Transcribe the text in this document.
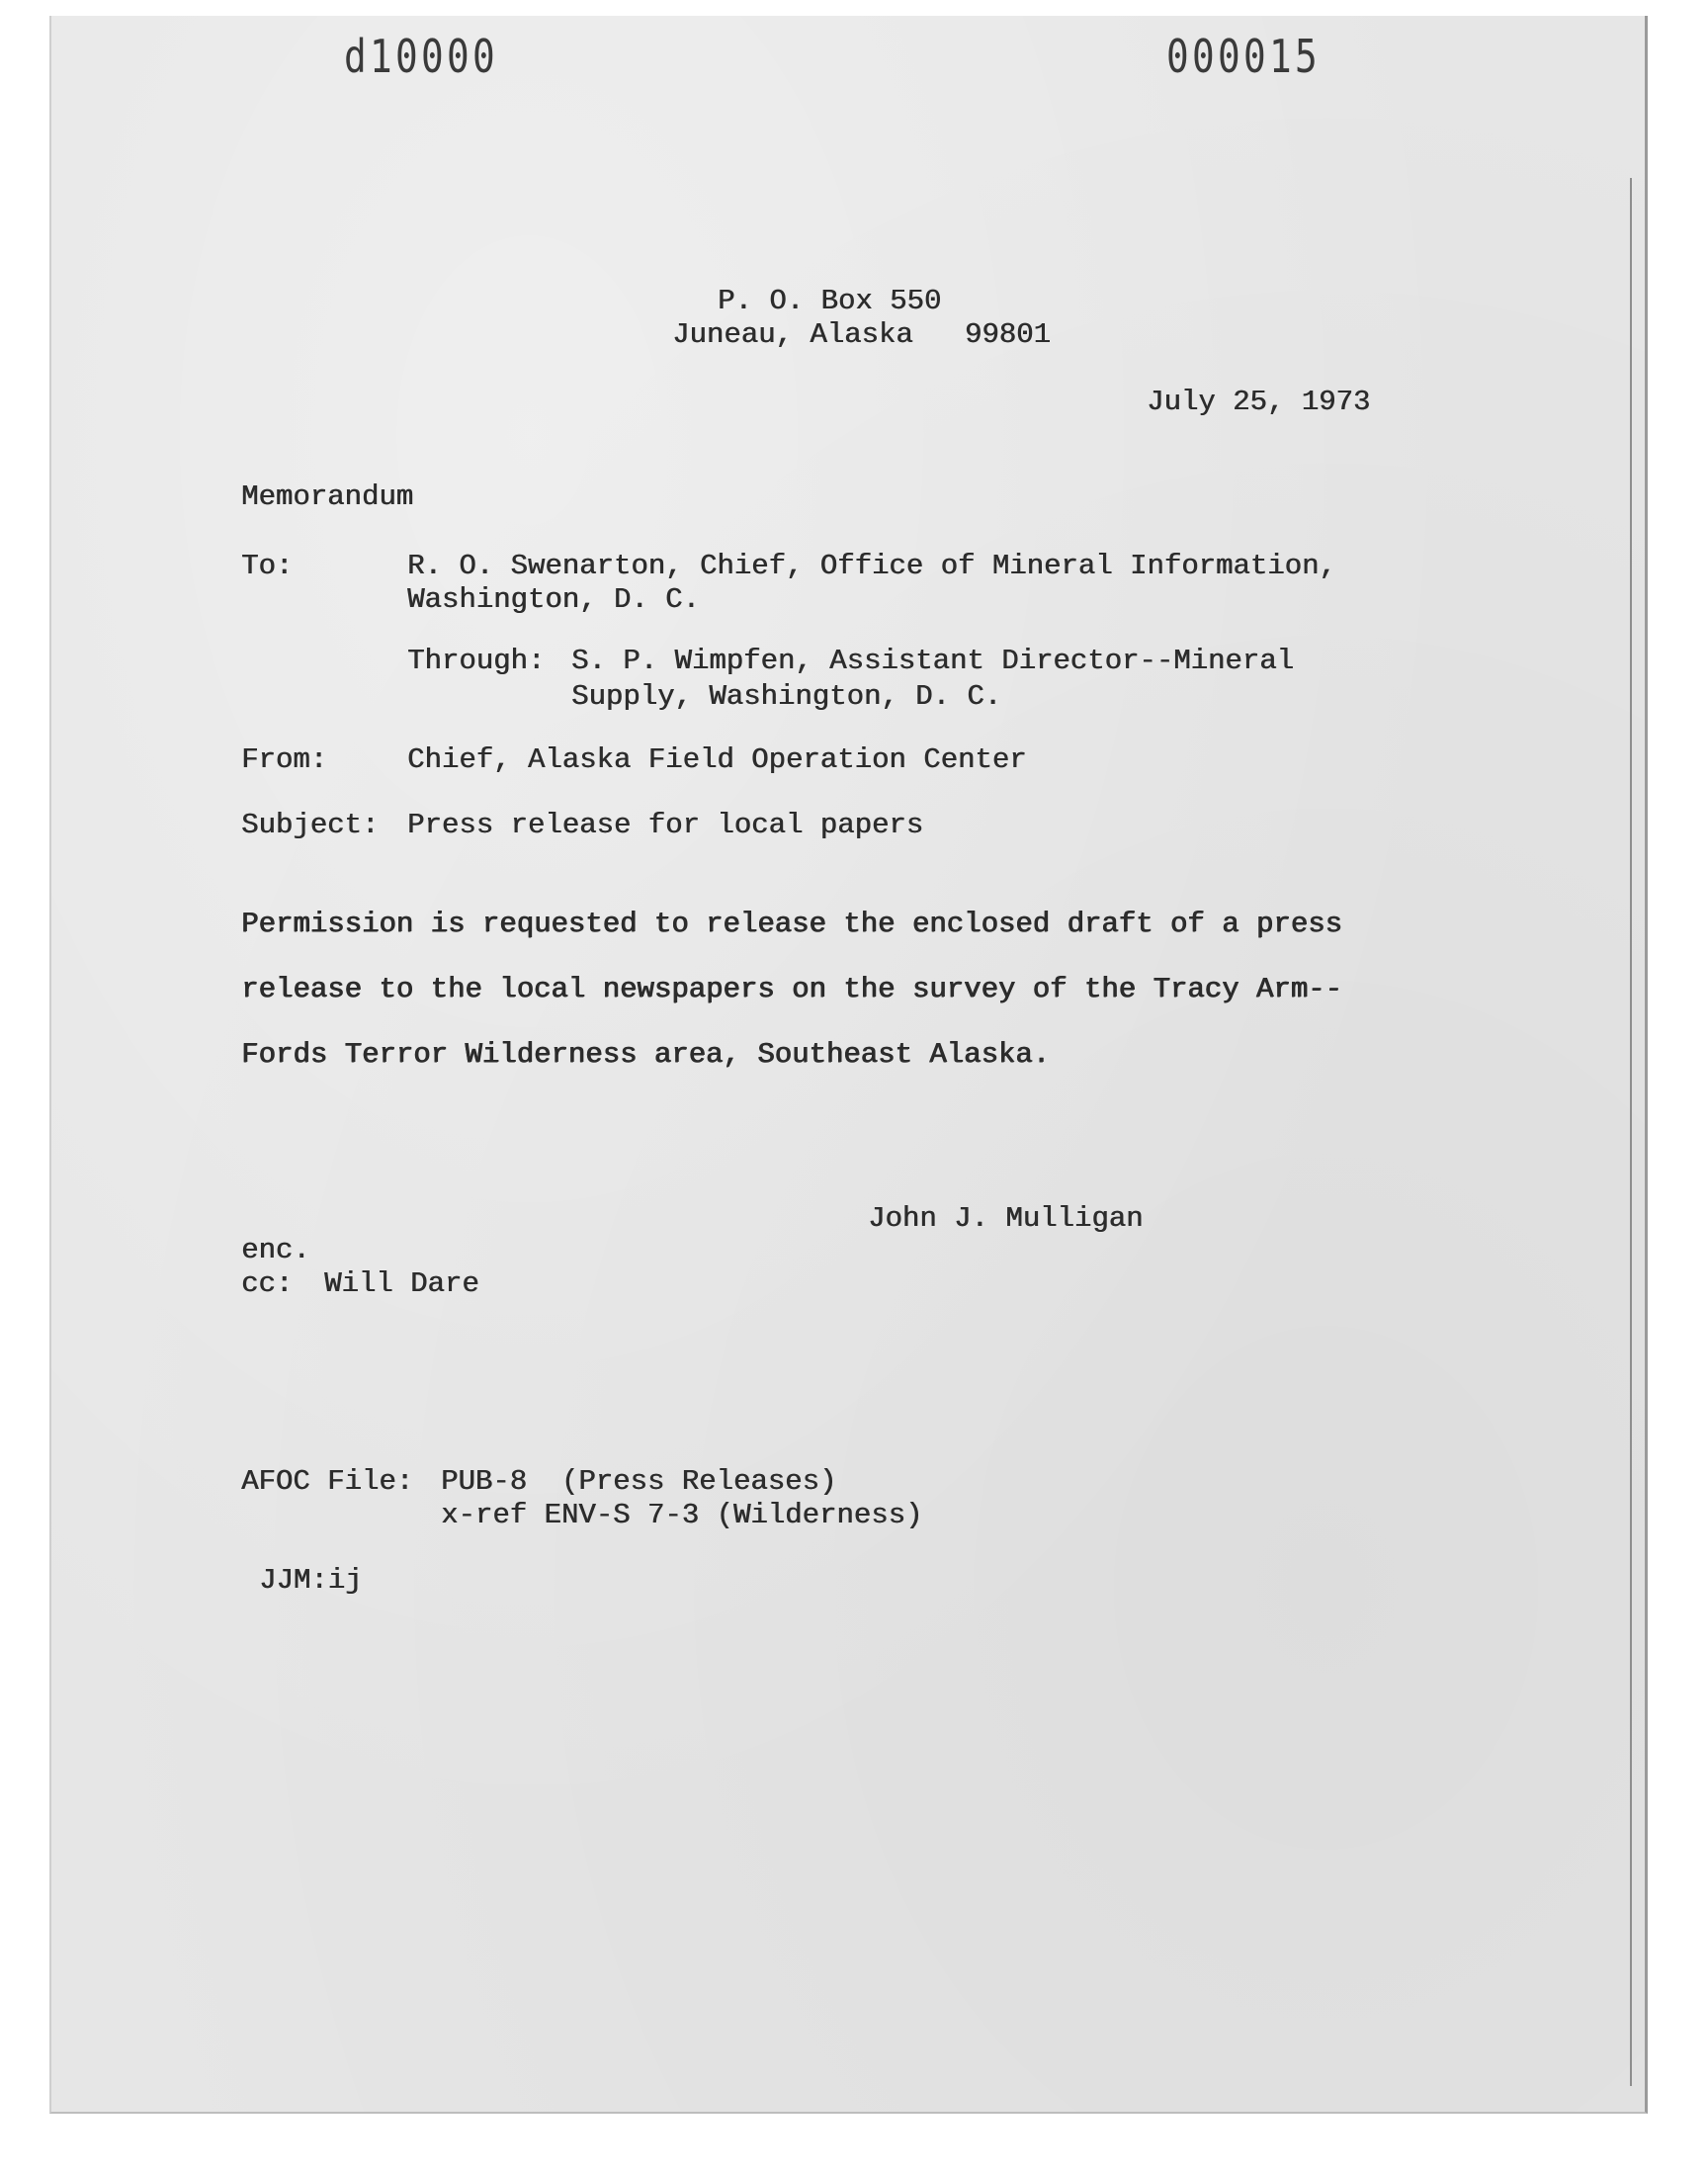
d10000	000015
P. O. Box 550
Juneau, Alaska   99801
July 25, 1973
Memorandum
To:	R. O. Swenarton, Chief, Office of Mineral Information,
Washington, D. C.
Through: S. P. Wimpfen, Assistant Director--Mineral
Supply, Washington, D. C.
From:	Chief, Alaska Field Operation Center
Subject: Press release for local papers
Permission is requested to release the enclosed draft of a press
release to the local newspapers on the survey of the Tracy Arm--
Fords Terror Wilderness area, Southeast Alaska.
John J. Mulligan
enc.
cc: Will Dare
AFOC File: PUB-8  (Press Releases)
x-ref ENV-S 7-3 (Wilderness)
JJM:ij
